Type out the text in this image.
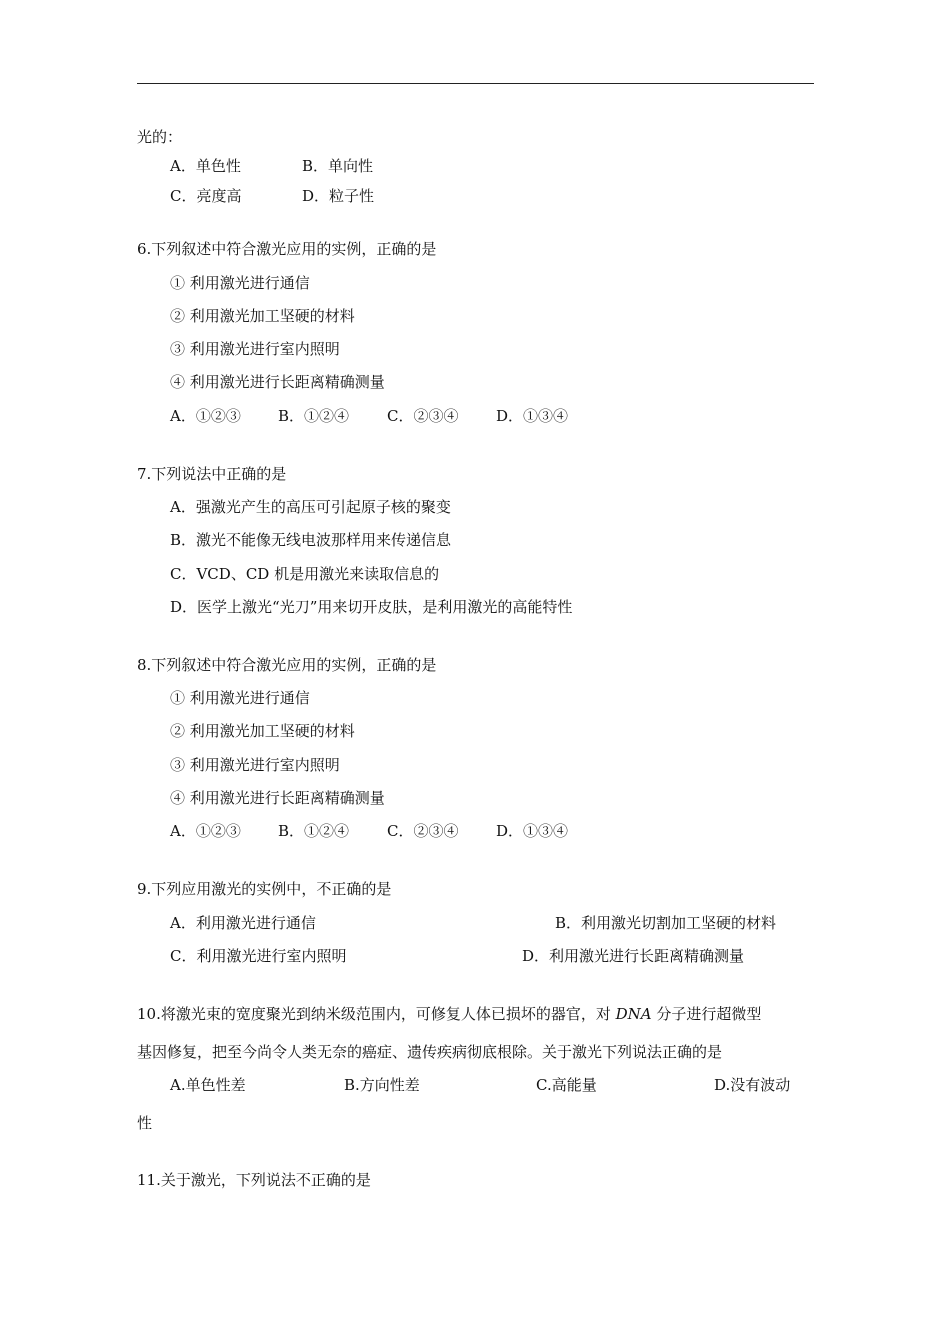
光的：
A．单色性	B．单向性
C．亮度高	D．粒子性
6.下列叙述中符合激光应用的实例，正确的是
① 利用激光进行通信
② 利用激光加工坚硬的材料
③ 利用激光进行室内照明
④ 利用激光进行长距离精确测量
A．①②③ B．①②④	C．②③④	D．①③④
7.下列说法中正确的是
A．强激光产生的高压可引起原子核的聚变
B．激光不能像无线电波那样用来传递信息
C．VCD、CD 机是用激光来读取信息的
D．医学上激光“光刀”用来切开皮肤，是利用激光的高能特性
8.下列叙述中符合激光应用的实例，正确的是
① 利用激光进行通信
② 利用激光加工坚硬的材料
③ 利用激光进行室内照明
④ 利用激光进行长距离精确测量
A．①②③ B．①②④	C．②③④	D．①③④
9.下列应用激光的实例中，不正确的是
A．利用激光进行通信	B．利用激光切割加工坚硬的材料
C．利用激光进行室内照明	D．利用激光进行长距离精确测量
10.将激光束的宽度聚光到纳米级范围内，可修复人体已损坏的器官，对 DNA 分子进行超微型
基因修复，把至今尚令人类无奈的癌症、遗传疾病彻底根除。关于激光下列说法正确的是
A.单色性差	B.方向性差	C.高能量	D.没有波动
性
11.关于激光，下列说法不正确的是
